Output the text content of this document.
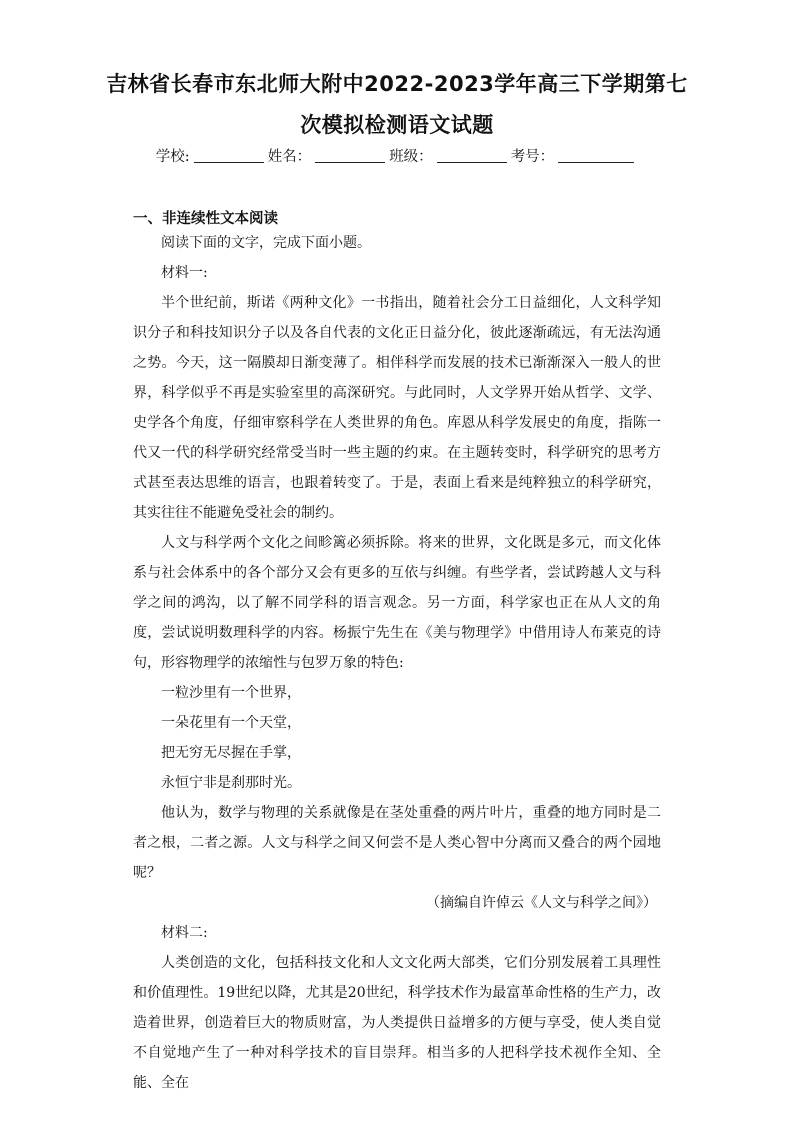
吉林省长春市东北师大附中2022-2023学年高三下学期第七
次模拟检测语文试题
学校:	姓名：	班级：	考号：
一、非连续性文本阅读

阅读下面的文字，完成下面小题。

材料一:

半个世纪前，斯诺《两种文化》一书指出，随着社会分工日益细化，人文科学知识分子和科技知识分子以及各自代表的文化正日益分化，彼此逐渐疏远，有无法沟通之势。今天，这一隔膜却日渐变薄了。相伴科学而发展的技术已渐渐深入一般人的世界，科学似乎不再是实验室里的高深研究。与此同时，人文学界开始从哲学、文学、史学各个角度，仔细审察科学在人类世界的角色。库恩从科学发展史的角度，指陈一代又一代的科学研究经常受当时一些主题的约束。在主题转变时，科学研究的思考方式甚至表达思维的语言，也跟着转变了。于是，表面上看来是纯粹独立的科学研究，其实往往不能避免受社会的制约。

人文与科学两个文化之间畛篱必须拆除。将来的世界，文化既是多元，而文化体系与社会体系中的各个部分又会有更多的互依与纠缠。有些学者，尝试跨越人文与科学之间的鸿沟，以了解不同学科的语言观念。另一方面，科学家也正在从人文的角度，尝试说明数理科学的内容。杨振宁先生在《美与物理学》中借用诗人布莱克的诗句，形容物理学的浓缩性与包罗万象的特色:

一粒沙里有一个世界，

一朵花里有一个天堂，

把无穷无尽握在手掌，

永恒宁非是刹那时光。

他认为，数学与物理的关系就像是在茎处重叠的两片叶片，重叠的地方同时是二者之根，二者之源。人文与科学之间又何尝不是人类心智中分离而又叠合的两个园地呢？

（摘编自许倬云《人文与科学之间》）

材料二:

人类创造的文化，包括科技文化和人文文化两大部类，它们分别发展着工具理性和价值理性。19世纪以降，尤其是20世纪，科学技术作为最富革命性格的生产力，改造着世界，创造着巨大的物质财富，为人类提供日益增多的方便与享受，使人类自觉不自觉地产生了一种对科学技术的盲目崇拜。相当多的人把科学技术视作全知、全能、全在
